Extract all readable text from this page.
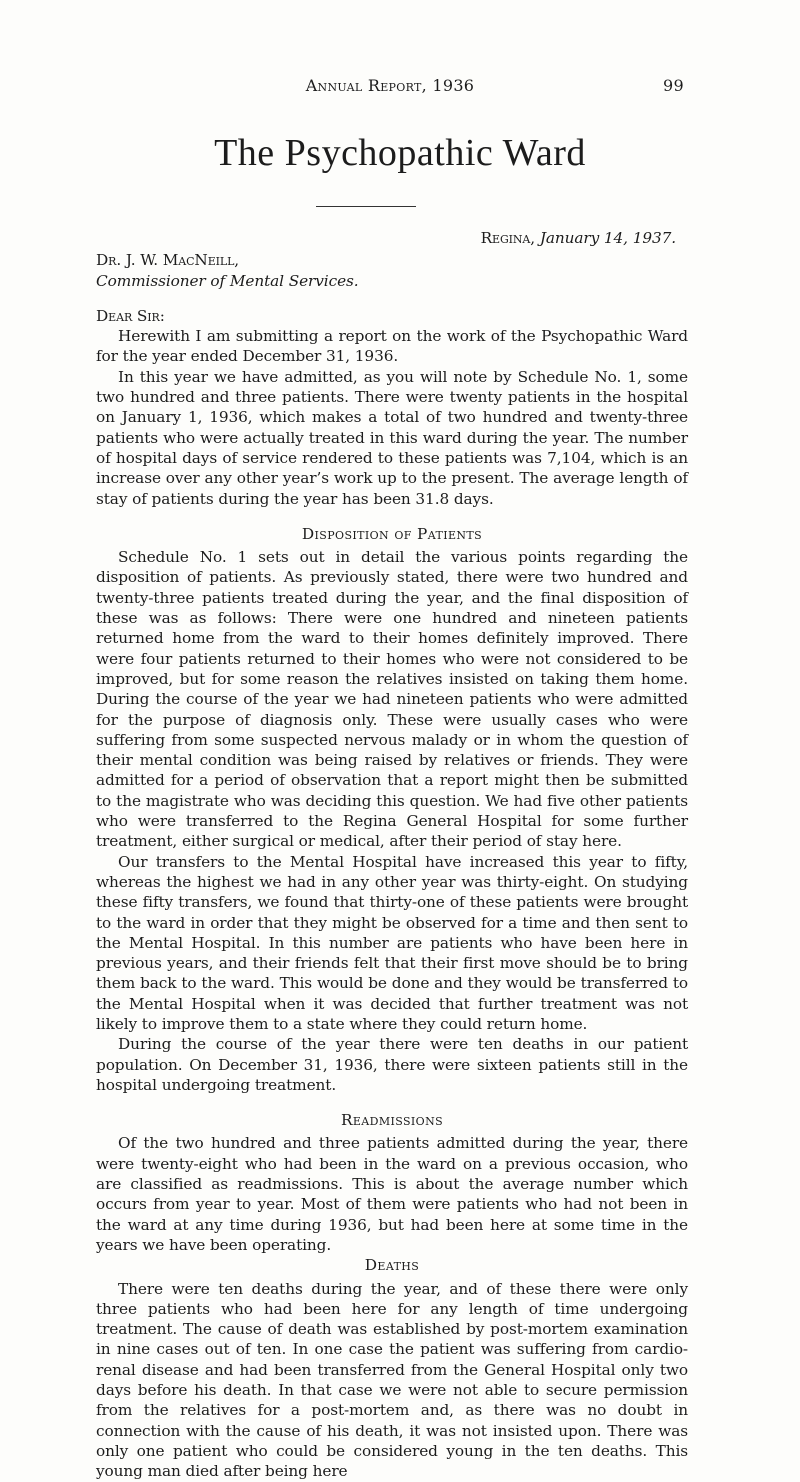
Annual Report, 1936	99
The Psychopathic Ward
Regina, January 14, 1937.
Dr. J. W. MacNeill,
Commissioner of Mental Services.
Dear Sir:

Herewith I am submitting a report on the work of the Psychopathic Ward for the year ended December 31, 1936.

In this year we have admitted, as you will note by Schedule No. 1, some two hundred and three patients. There were twenty patients in the hospital on January 1, 1936, which makes a total of two hundred and twenty-three patients who were actually treated in this ward during the year. The number of hospital days of service rendered to these patients was 7,104, which is an increase over any other year’s work up to the present. The average length of stay of patients during the year has been 31.8 days.

Disposition of Patients

Schedule No. 1 sets out in detail the various points regarding the disposition of patients. As previously stated, there were two hundred and twenty-three patients treated during the year, and the final disposition of these was as follows: There were one hundred and nineteen patients returned home from the ward to their homes definitely improved. There were four patients returned to their homes who were not considered to be improved, but for some reason the relatives insisted on taking them home. During the course of the year we had nineteen patients who were admitted for the purpose of diagnosis only. These were usually cases who were suffering from some suspected nervous malady or in whom the question of their mental condition was being raised by relatives or friends. They were admitted for a period of observation that a report might then be submitted to the magistrate who was deciding this question. We had five other patients who were transferred to the Regina General Hospital for some further treatment, either surgical or medical, after their period of stay here.

Our transfers to the Mental Hospital have increased this year to fifty, whereas the highest we had in any other year was thirty-eight. On studying these fifty transfers, we found that thirty-one of these patients were brought to the ward in order that they might be observed for a time and then sent to the Mental Hospital. In this number are patients who have been here in previous years, and their friends felt that their first move should be to bring them back to the ward. This would be done and they would be transferred to the Mental Hospital when it was decided that further treatment was not likely to improve them to a state where they could return home.

During the course of the year there were ten deaths in our patient population. On December 31, 1936, there were sixteen patients still in the hospital undergoing treatment.

Readmissions

Of the two hundred and three patients admitted during the year, there were twenty-eight who had been in the ward on a previous occasion, who are classified as readmissions. This is about the average number which occurs from year to year. Most of them were patients who had not been in the ward at any time during 1936, but had been here at some time in the years we have been operating.

Deaths

There were ten deaths during the year, and of these there were only three patients who had been here for any length of time undergoing treatment. The cause of death was established by post-mortem examination in nine cases out of ten. In one case the patient was suffering from cardio-renal disease and had been transferred from the General Hospital only two days before his death. In that case we were not able to secure permission from the relatives for a post-mortem and, as there was no doubt in connection with the cause of his death, it was not insisted upon. There was only one patient who could be considered young in the ten deaths. This young man died after being here
